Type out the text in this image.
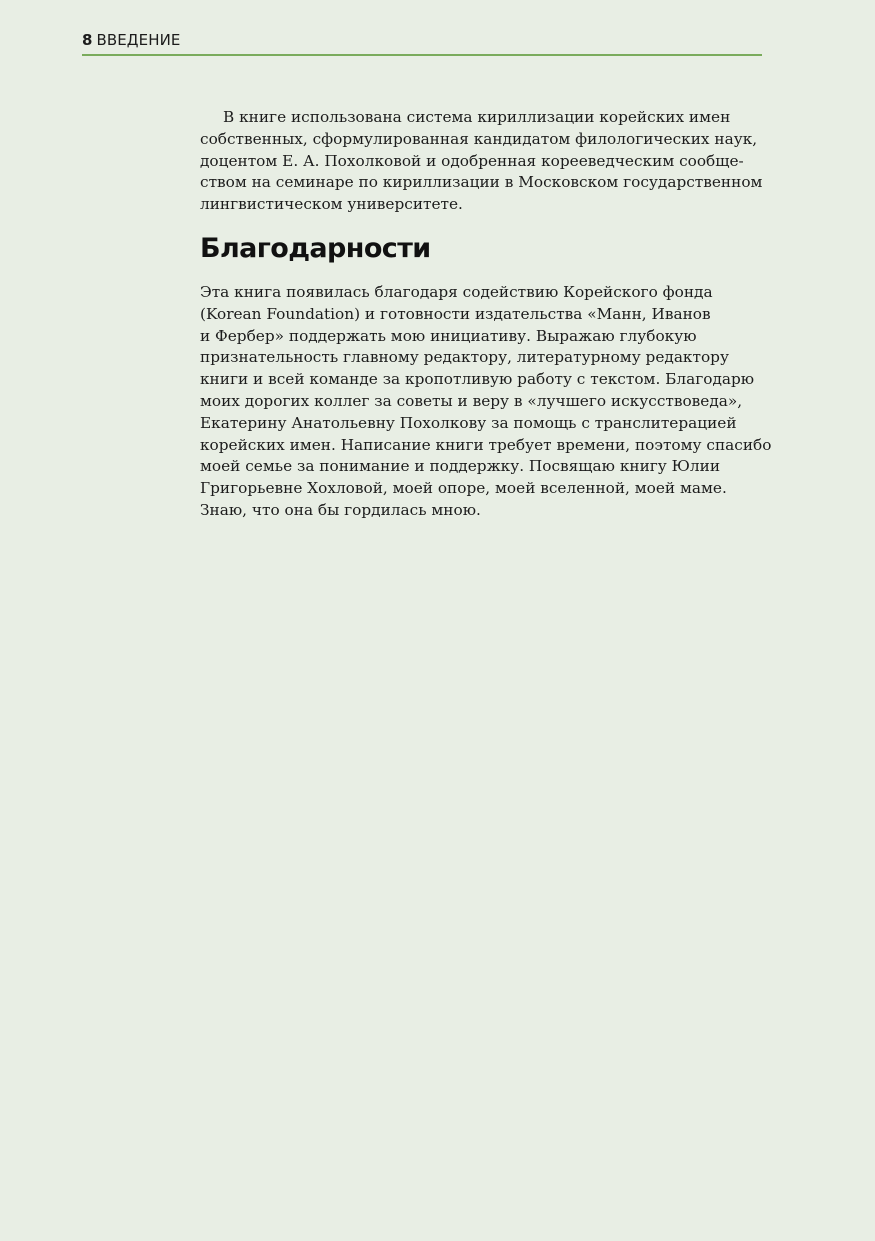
8 ВВЕДЕНИЕ

В книге использована система кириллизации корейских имен
собственных, сформулированная кандидатом филологических наук,
доцентом Е. А. Похолковой и одобренная корееведческим сообще-
ством на семинаре по кириллизации в Московском государственном
лингвистическом университете.

Благодарности

Эта книга появилась благодаря содействию Корейского фонда
(Korean Foundation) и готовности издательства «Манн, Иванов
и Фербер» поддержать мою инициативу. Выражаю глубокую
признательность главному редактору, литературному редактору
книги и всей команде за кропотливую работу с текстом. Благодарю
моих дорогих коллег за советы и веру в «лучшего искусствоведа»,
Екатерину Анатольевну Похолкову за помощь с транслитерацией
корейских имен. Написание книги требует времени, поэтому спасибо
моей семье за понимание и поддержку. Посвящаю книгу Юлии
Григорьевне Хохловой, моей опоре, моей вселенной, моей маме.
Знаю, что она бы гордилась мною.
